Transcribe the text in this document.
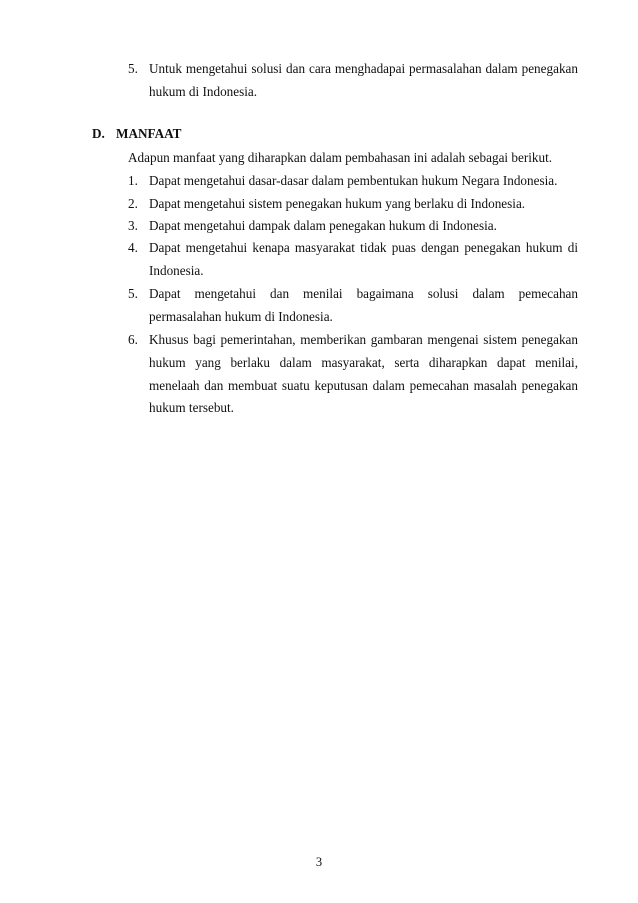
5. Untuk mengetahui solusi dan cara menghadapai permasalahan dalam penegakan hukum di Indonesia.
D. MANFAAT
Adapun manfaat yang diharapkan dalam pembahasan ini adalah sebagai berikut.
1. Dapat mengetahui dasar-dasar dalam pembentukan hukum Negara Indonesia.
2. Dapat mengetahui sistem penegakan hukum yang berlaku di Indonesia.
3. Dapat mengetahui dampak dalam penegakan hukum di Indonesia.
4. Dapat mengetahui kenapa masyarakat tidak puas dengan penegakan hukum di Indonesia.
5. Dapat mengetahui dan menilai bagaimana solusi dalam pemecahan permasalahan hukum di Indonesia.
6. Khusus bagi pemerintahan, memberikan gambaran mengenai sistem penegakan hukum yang berlaku dalam masyarakat, serta diharapkan dapat menilai, menelaah dan membuat suatu keputusan dalam pemecahan masalah penegakan hukum tersebut.
3
